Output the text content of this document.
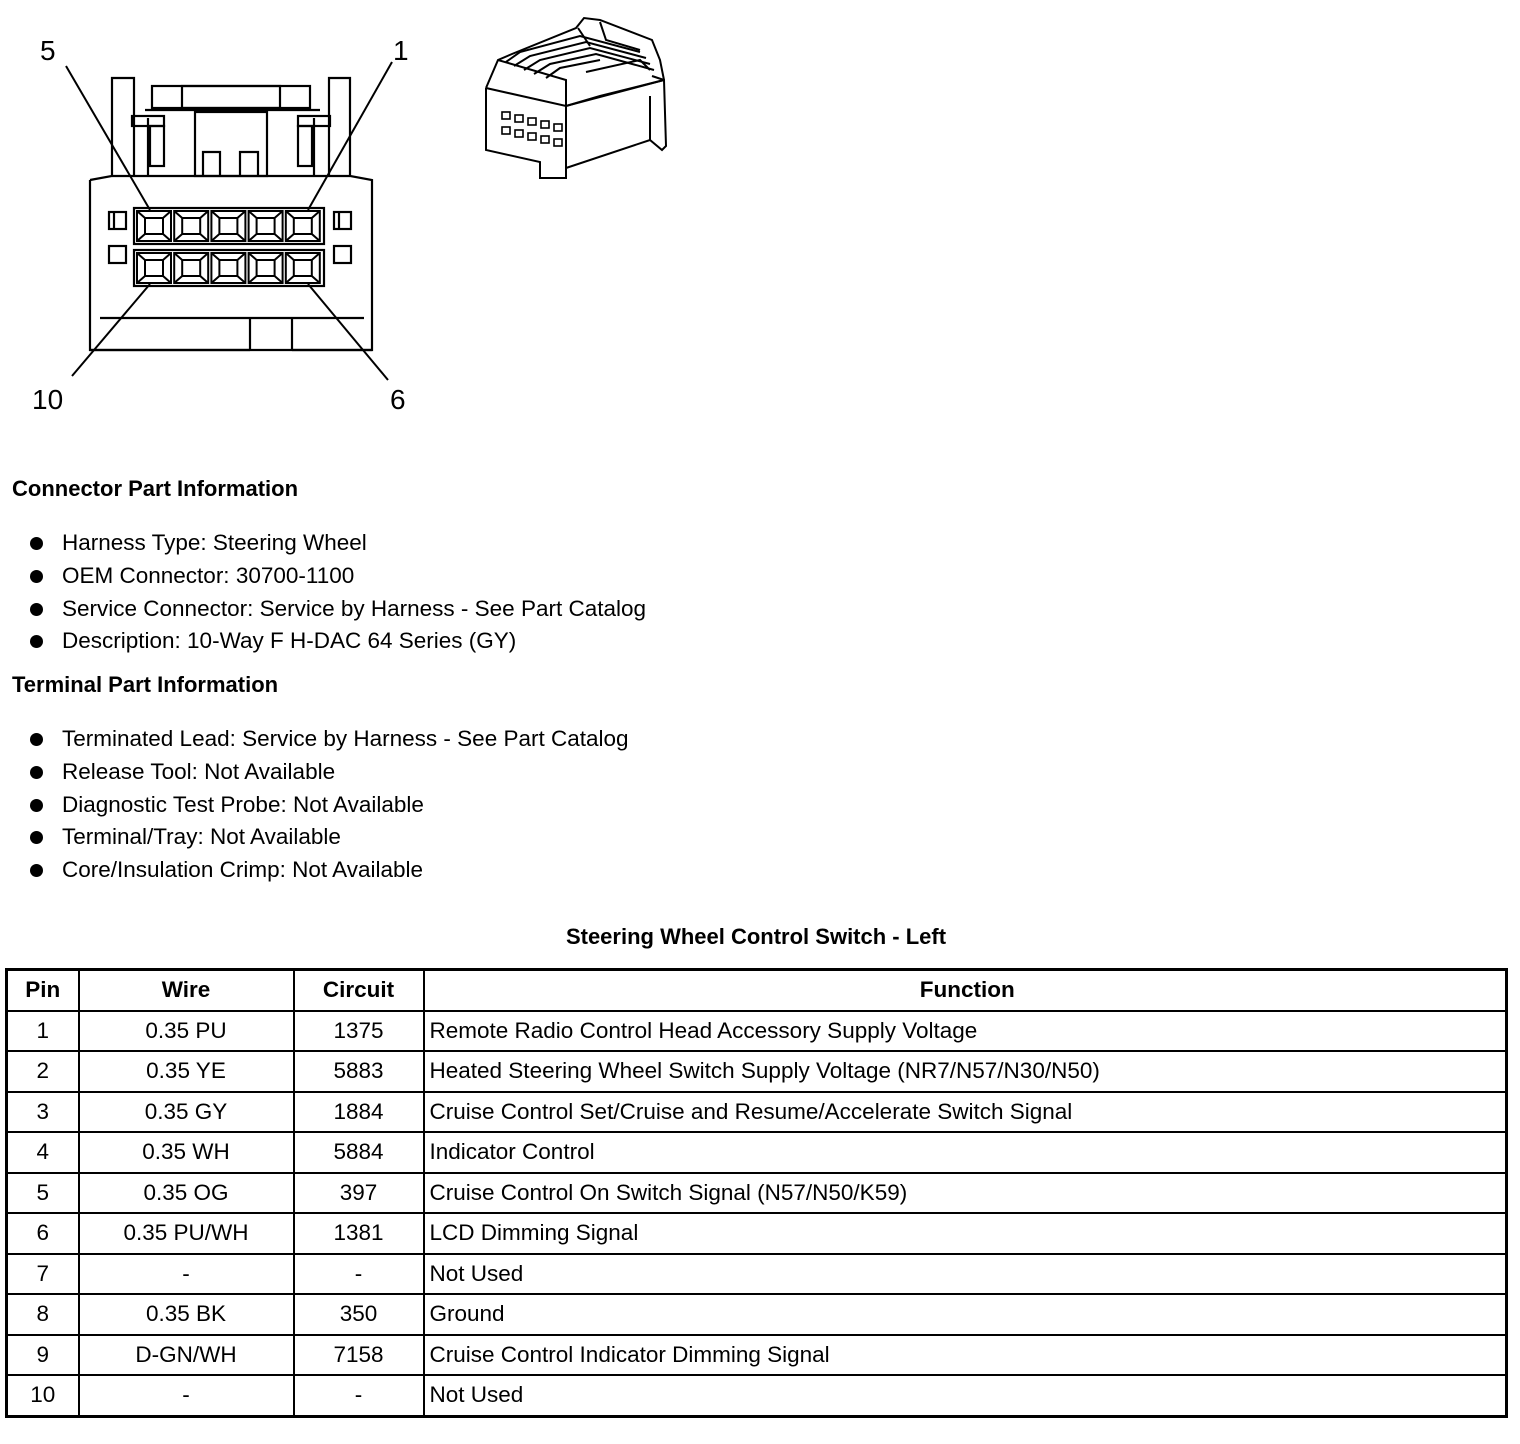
5	1
10	6
Connector Part Information
Harness Type: Steering Wheel
OEM Connector: 30700-1100
Service Connector: Service by Harness - See Part Catalog
Description: 10-Way F H-DAC 64 Series (GY)
Terminal Part Information
Terminated Lead: Service by Harness - See Part Catalog
Release Tool: Not Available
Diagnostic Test Probe: Not Available
Terminal/Tray: Not Available
Core/Insulation Crimp: Not Available
Steering Wheel Control Switch - Left
Pin	Wire	Circuit	Function
1	0.35 PU	1375	Remote Radio Control Head Accessory Supply Voltage
2	0.35 YE	5883	Heated Steering Wheel Switch Supply Voltage (NR7/N57/N30/N50)
3	0.35 GY	1884	Cruise Control Set/Cruise and Resume/Accelerate Switch Signal
4	0.35 WH	5884	Indicator Control
5	0.35 OG	397	Cruise Control On Switch Signal (N57/N50/K59)
6	0.35 PU/WH	1381	LCD Dimming Signal
7	-	-	Not Used
8	0.35 BK	350	Ground
9	D-GN/WH	7158	Cruise Control Indicator Dimming Signal
10	-	-	Not Used
